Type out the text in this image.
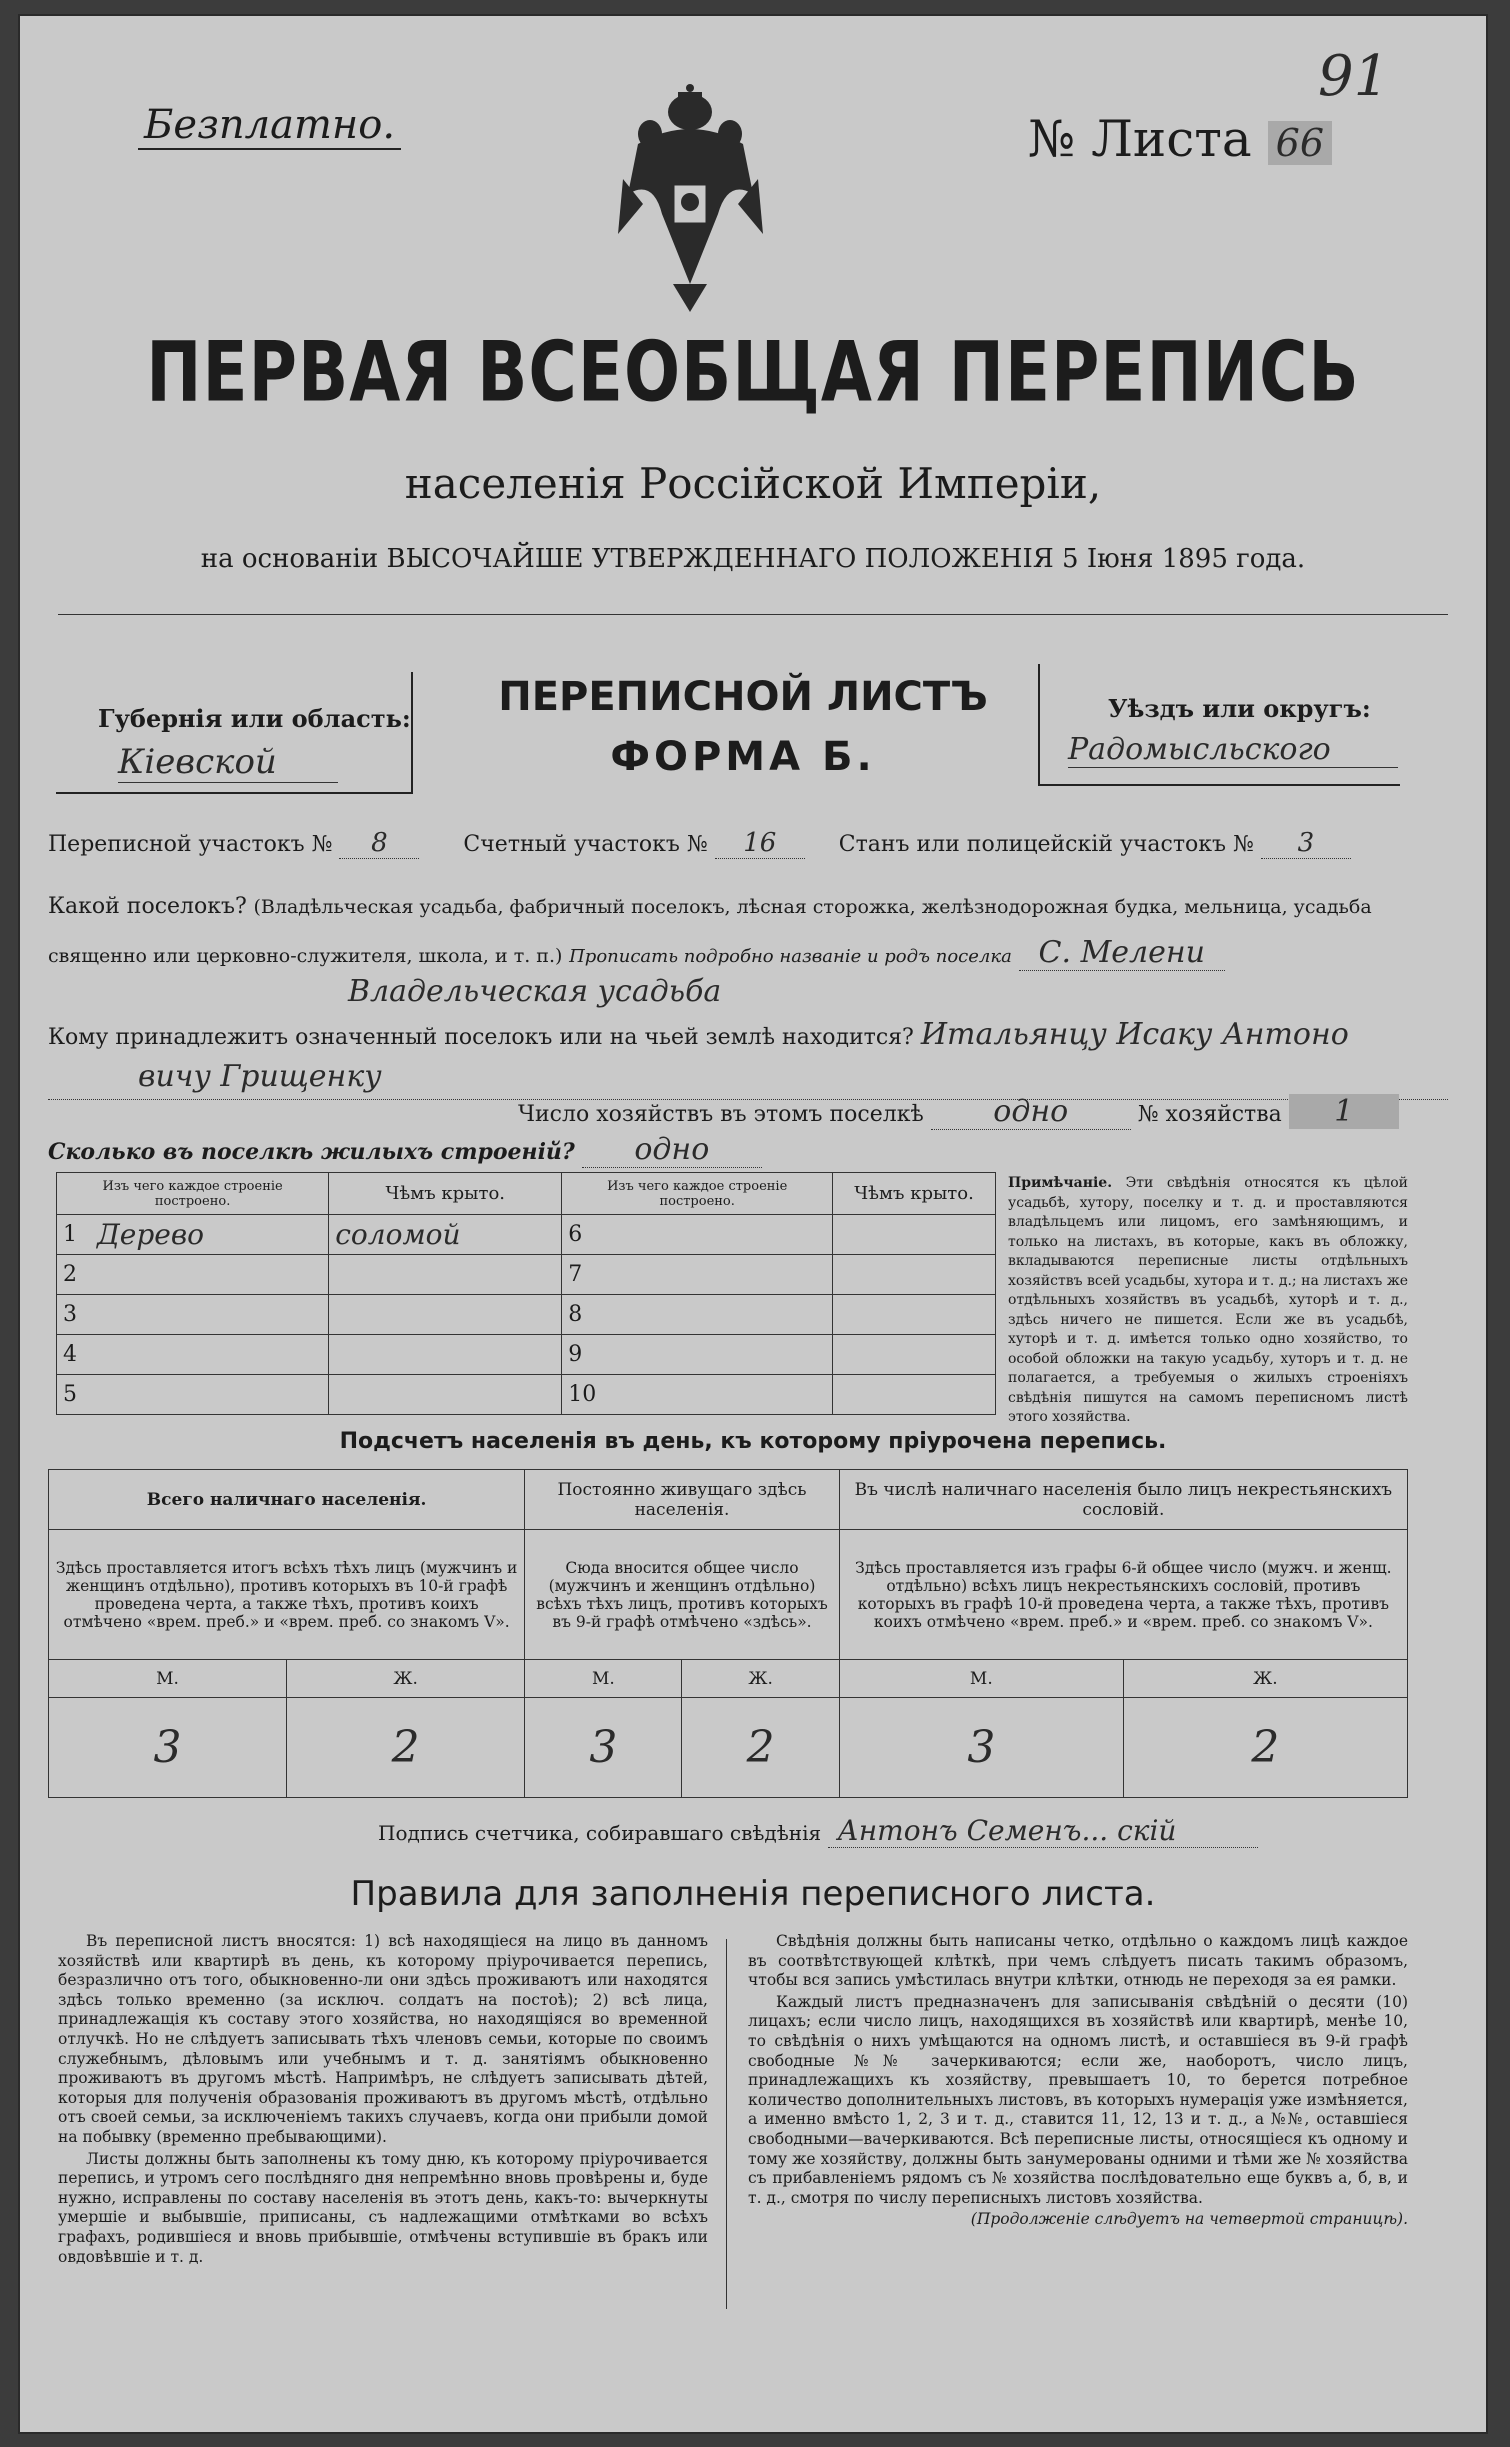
Безплатно.	№ Листа 66
91
ПЕРВАЯ ВСЕОБЩАЯ ПЕРЕПИСЬ
населенія Россійской Имперіи,
на основаніи ВЫСОЧАЙШЕ УТВЕРЖДЕННАГО ПОЛОЖЕНІЯ 5 Іюня 1895 года.
Губернія или область:
Кіевской
ПЕРЕПИСНОЙ ЛИСТЪ
ФОРМА Б.
Уѣздъ или округъ:
Радомысльского
Переписной участокъ № 8	Счетный участокъ № 16	Станъ или полицейскій участокъ № 3
Какой поселокъ? (Владѣльческая усадьба, фабричный поселокъ, лѣсная сторожка, желѣзнодорожная будка, мельница, усадьба священно или церковно-служителя, школа, и т. п.) Прописать подробно названіе и родъ поселка С. Мелени
Владельческая усадьба
Кому принадлежитъ означенный поселокъ или на чьей землѣ находится? Итальянцу Исаку Антоно
вичу Грищенку
Число хозяйствъ въ этомъ поселкѣ одно	№ хозяйства 1
Сколько въ поселкѣ жилыхъ строеній? одно
Изъ чего каждое строеніе построено.		Чѣмъ крыто.	Изъ чего каждое строеніе построено.		Чѣмъ крыто.
1	Дерево	соломой	6		
2			7		
3			8		
4			9		
5			10		
Примѣчаніе. Эти свѣдѣнія относятся къ цѣлой усадьбѣ, хутору, поселку и т. д. и проставляются владѣльцемъ или лицомъ, его замѣняющимъ, и только на листахъ, въ которые, какъ въ обложку, вкладываются переписные листы отдѣльныхъ хозяйствъ всей усадьбы, хутора и т. д.; на листахъ же отдѣльныхъ хозяйствъ въ усадьбѣ, хуторѣ и т. д., здѣсь ничего не пишется. Если же въ усадьбѣ, хуторѣ и т. д. имѣется только одно хозяйство, то особой обложки на такую усадьбу, хуторъ и т. д. не полагается, а требуемыя о жилыхъ строеніяхъ свѣдѣнія пишутся на самомъ переписномъ листѣ этого хозяйства.
Подсчетъ населенія въ день, къ которому пріурочена перепись.
Всего наличнаго населенія.		Постоянно живущаго здѣсь населенія.		Въ числѣ наличнаго населенія было лицъ некрестьянскихъ сословій.	
Здѣсь проставляется итогъ всѣхъ тѣхъ лицъ (мужчинъ и женщинъ отдѣльно), противъ которыхъ въ 10-й графѣ проведена черта, а также тѣхъ, противъ коихъ отмѣчено «врем. преб.» и «врем. преб. со знакомъ V».		Сюда вносится общее число (мужчинъ и женщинъ отдѣльно) всѣхъ тѣхъ лицъ, противъ которыхъ въ 9-й графѣ отмѣчено «здѣсь».		Здѣсь проставляется изъ графы 6-й общее число (мужч. и женщ. отдѣльно) всѣхъ лицъ некрестьянскихъ сословій, противъ которыхъ въ графѣ 10-й проведена черта, а также тѣхъ, противъ коихъ отмѣчено «врем. преб.» и «врем. преб. со знакомъ V».	
М.	Ж.	М.	Ж.	М.	Ж.
3	2	3	2	3	2
Подпись счетчика, собиравшаго свѣдѣнія Антонъ Семенъ... скій
Правила для заполненія переписного листа.

Въ переписной листъ вносятся: 1) всѣ находящіеся на лицо въ данномъ хозяйствѣ или квартирѣ въ день, къ которому пріурочивается перепись, безразлично отъ того, обыкновенно-ли они здѣсь проживаютъ или находятся здѣсь только временно (за исключ. солдатъ на постоѣ); 2) всѣ лица, принадлежащія къ составу этого хозяйства, но находящіяся во временной отлучкѣ. Но не слѣдуетъ записывать тѣхъ членовъ семьи, которые по своимъ служебнымъ, дѣловымъ или учебнымъ и т. д. занятіямъ обыкновенно проживаютъ въ другомъ мѣстѣ. Напримѣръ, не слѣдуетъ записывать дѣтей, которыя для полученія образованія проживаютъ въ другомъ мѣстѣ, отдѣльно отъ своей семьи, за исключеніемъ такихъ случаевъ, когда они прибыли домой на побывку (временно пребывающими).

Листы должны быть заполнены къ тому дню, къ которому пріурочивается перепись, и утромъ сего послѣдняго дня непремѣнно вновь провѣрены и, буде нужно, исправлены по составу населенія въ этотъ день, какъ-то: вычеркнуты умершіе и выбывшіе, приписаны, съ надлежащими отмѣтками во всѣхъ графахъ, родившіеся и вновь прибывшіе, отмѣчены вступившіе въ бракъ или овдовѣвшіе и т. д.

Свѣдѣнія должны быть написаны четко, отдѣльно о каждомъ лицѣ каждое въ соотвѣтствующей клѣткѣ, при чемъ слѣдуетъ писать такимъ образомъ, чтобы вся запись умѣстилась внутри клѣтки, отнюдь не переходя за ея рамки.

Каждый листъ предназначенъ для записыванія свѣдѣній о десяти (10) лицахъ; если число лицъ, находящихся въ хозяйствѣ или квартирѣ, менѣе 10, то свѣдѣнія о нихъ умѣщаются на одномъ листѣ, и оставшіеся въ 9-й графѣ свободные №№ зачеркиваются; если же, наоборотъ, число лицъ, принадлежащихъ къ хозяйству, превышаетъ 10, то берется потребное количество дополнительныхъ листовъ, въ которыхъ нумерація уже измѣняется, а именно вмѣсто 1, 2, 3 и т. д., ставится 11, 12, 13 и т. д., а №№, оставшіеся свободными—вачеркиваются. Всѣ переписные листы, относящіеся къ одному и тому же хозяйству, должны быть занумерованы одними и тѣми же № хозяйства съ прибавленіемъ рядомъ съ № хозяйства послѣдовательно еще буквъ а, б, в, и т. д., смотря по числу переписныхъ листовъ хозяйства.

(Продолженіе слѣдуетъ на четвертой страницѣ).
